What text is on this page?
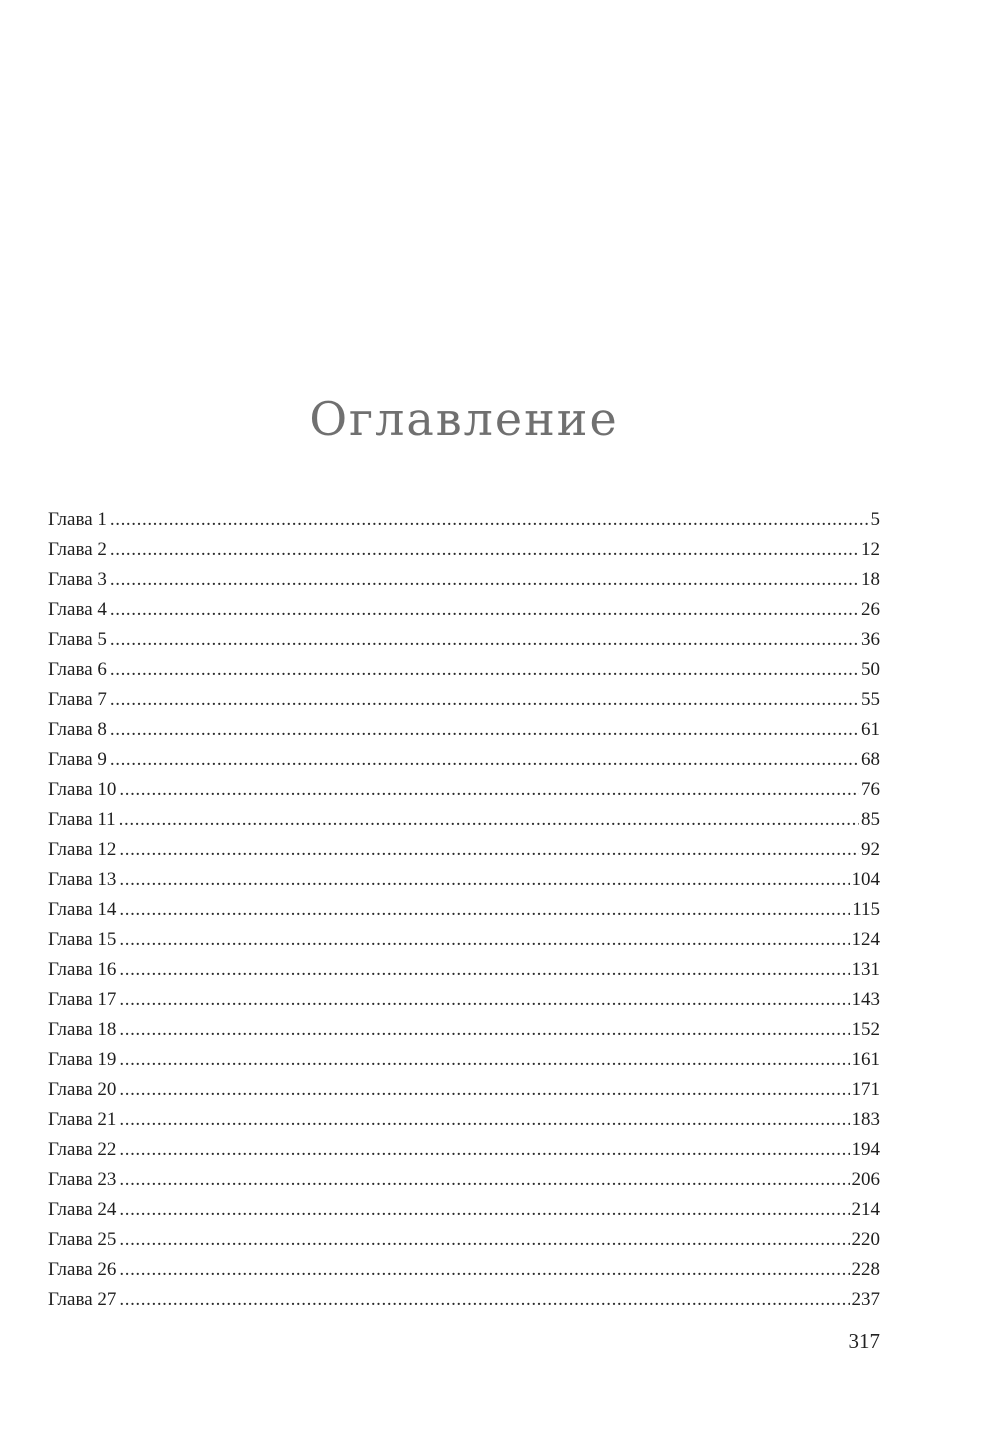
Оглавление
Глава 1 .....	5
Глава 2 .....	12
Глава 3 .....	18
Глава 4 .....	26
Глава 5 .....	36
Глава 6 .....	50
Глава 7 .....	55
Глава 8 .....	61
Глава 9 .....	68
Глава 10 .....	76
Глава 11 .....	85
Глава 12 .....	92
Глава 13 .....	104
Глава 14 .....	115
Глава 15 .....	124
Глава 16 .....	131
Глава 17 .....	143
Глава 18 .....	152
Глава 19 .....	161
Глава 20 .....	171
Глава 21 .....	183
Глава 22 .....	194
Глава 23 .....	206
Глава 24 .....	214
Глава 25 .....	220
Глава 26 .....	228
Глава 27 .....	237
317
